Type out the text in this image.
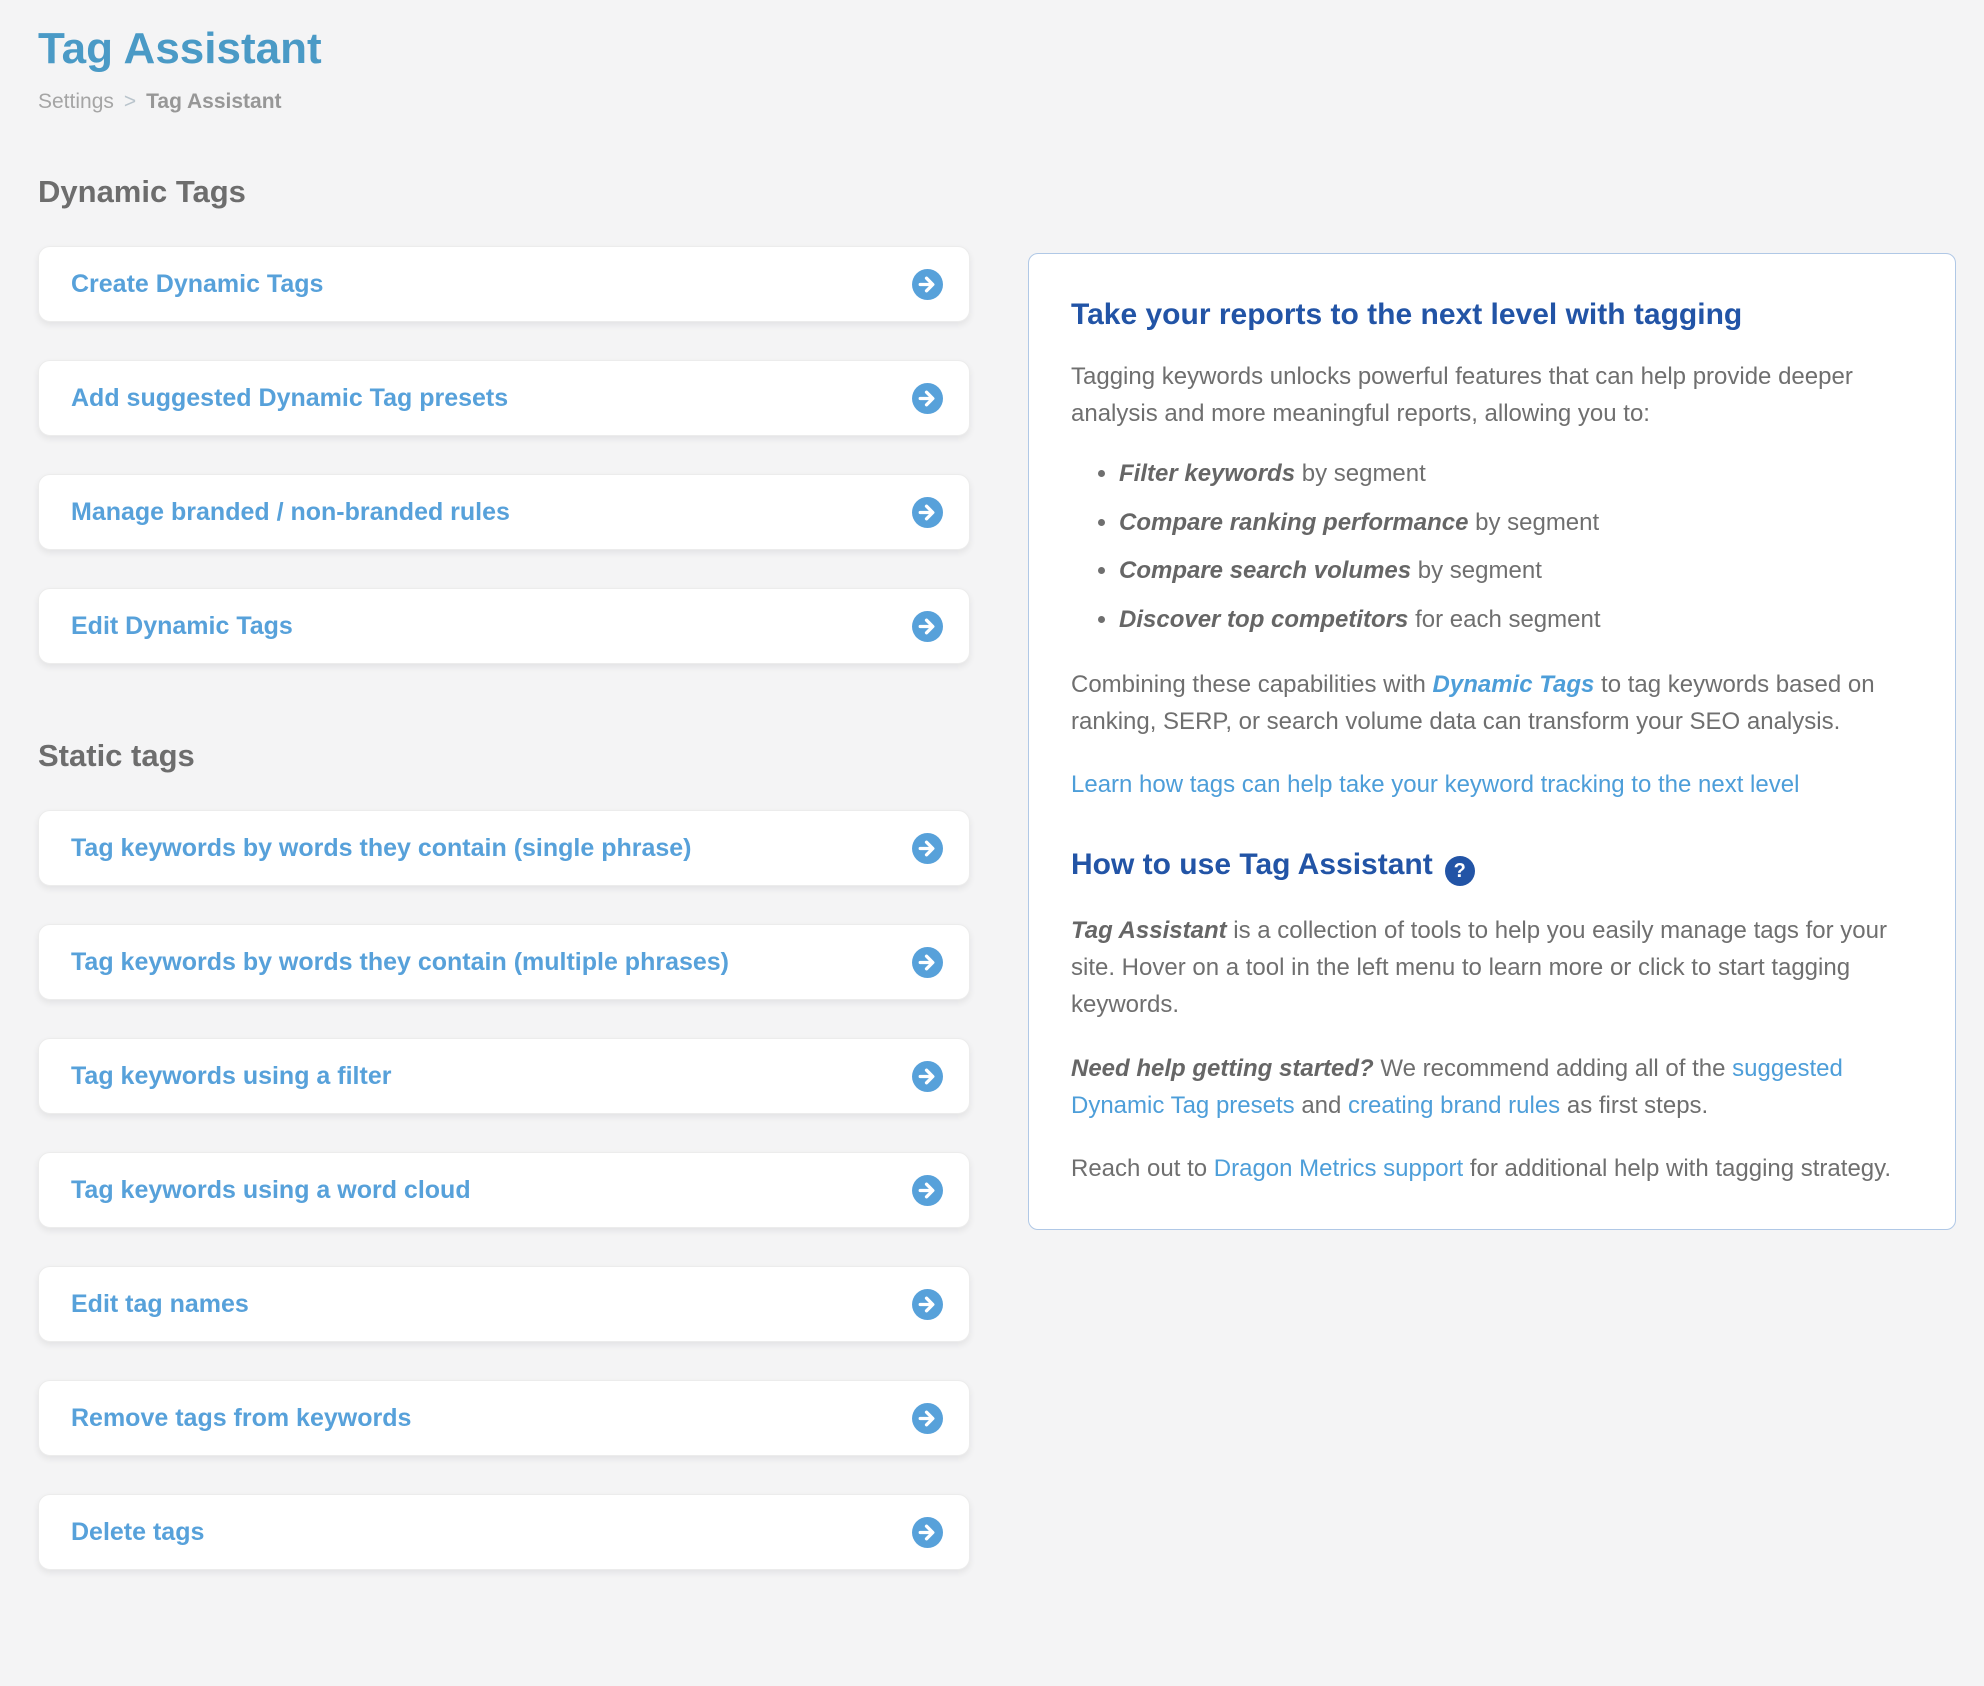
Tag Assistant
Settings > Tag Assistant
Dynamic Tags
Create Dynamic Tags
Add suggested Dynamic Tag presets
Manage branded / non-branded rules
Edit Dynamic Tags
Static tags
Tag keywords by words they contain (single phrase)
Tag keywords by words they contain (multiple phrases)
Tag keywords using a filter
Tag keywords using a word cloud
Edit tag names
Remove tags from keywords
Delete tags
Take your reports to the next level with tagging

Tagging keywords unlocks powerful features that can help provide deeper analysis and more meaningful reports, allowing you to:

• Filter keywords by segment
• Compare ranking performance by segment
• Compare search volumes by segment
• Discover top competitors for each segment

Combining these capabilities with Dynamic Tags to tag keywords based on ranking, SERP, or search volume data can transform your SEO analysis.

Learn how tags can help take your keyword tracking to the next level

How to use Tag Assistant ?

Tag Assistant is a collection of tools to help you easily manage tags for your site. Hover on a tool in the left menu to learn more or click to start tagging keywords.

Need help getting started? We recommend adding all of the suggested Dynamic Tag presets and creating brand rules as first steps.

Reach out to Dragon Metrics support for additional help with tagging strategy.
